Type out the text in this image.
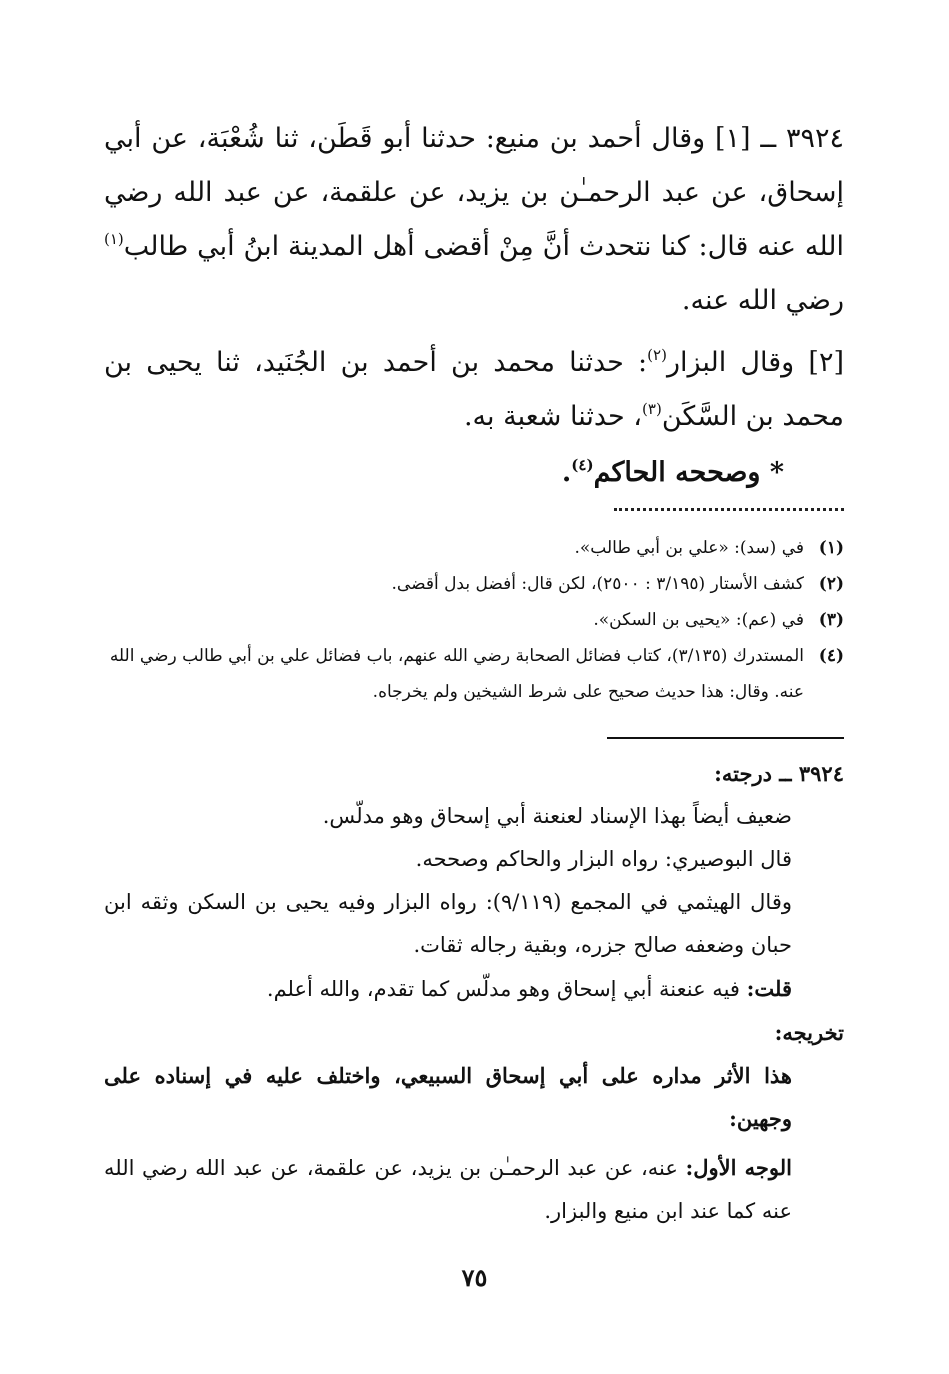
٣٩٢٤ ــ [١] وقال أحمد بن منيع: حدثنا أبو قَطَن، ثنا شُعْبَة، عن أبي إسحاق، عن عبد الرحمـٰن بن يزيد، عن علقمة، عن عبد الله رضي الله عنه قال: كنا نتحدث أنَّ مِنْ أقضى أهل المدينة ابنُ أبي طالب$^{(١)}$ رضي الله عنه.

[٢] وقال البزار$^{(٢)}$: حدثنا محمد بن أحمد بن الجُنَيد، ثنا يحيى بن محمد بن السَّكَن$^{(٣)}$، حدثنا شعبة به.

* وصححه الحاكم$^{(٤)}$.

(١)
في (سد): «علي بن أبي طالب».

(٢)
كشف الأستار (٣/١٩٥ : ٢٥٠٠)، لكن قال: أفضل بدل أقضى.

(٣)
في (عم): «يحيى بن السكن».

(٤)
المستدرك (٣/١٣٥)، كتاب فضائل الصحابة رضي الله عنهم، باب فضائل علي بن أبي طالب رضي الله عنه. وقال: هذا حديث صحيح على شرط الشيخين ولم يخرجاه.

٣٩٢٤ ــ درجته:

ضعيف أيضاً بهذا الإسناد لعنعنة أبي إسحاق وهو مدلّس.

قال البوصيري: رواه البزار والحاكم وصححه.

وقال الهيثمي في المجمع (٩/١١٩): رواه البزار وفيه يحيى بن السكن وثقه ابن حبان وضعفه صالح جزره، وبقية رجاله ثقات.

قلت: فيه عنعنة أبي إسحاق وهو مدلّس كما تقدم، والله أعلم.

تخريجه:

هذا الأثر مداره على أبي إسحاق السبيعي، واختلف عليه في إسناده على وجهين:

الوجه الأول: عنه، عن عبد الرحمـٰن بن يزيد، عن علقمة، عن عبد الله رضي الله عنه كما عند ابن منيع والبزار.

٧٥
